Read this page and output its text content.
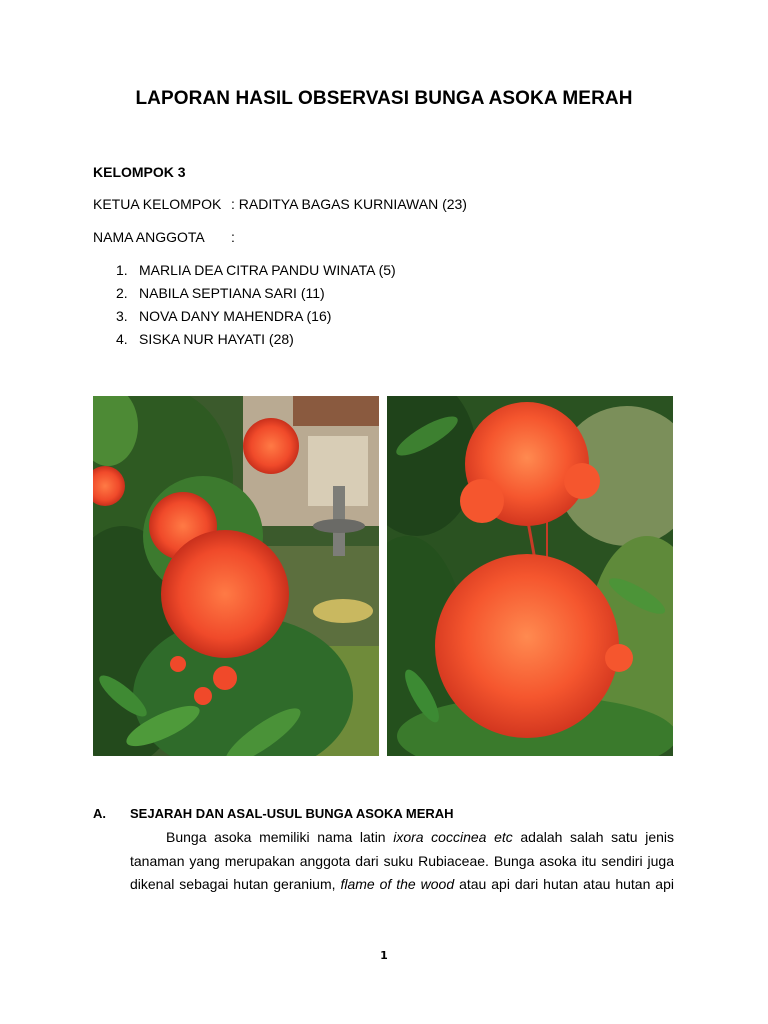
LAPORAN HASIL OBSERVASI BUNGA ASOKA MERAH
KELOMPOK 3
KETUA KELOMPOK : RADITYA BAGAS KURNIAWAN (23)
NAMA ANGGOTA	:
1. MARLIA DEA CITRA PANDU WINATA (5)
2. NABILA SEPTIANA SARI (11)
3. NOVA DANY MAHENDRA (16)
4. SISKA NUR HAYATI (28)
A.	SEJARAH DAN ASAL-USUL BUNGA ASOKA MERAH
Bunga asoka memiliki nama latin ixora coccinea etc adalah salah satu jenis
tanaman yang merupakan anggota dari suku Rubiaceae. Bunga asoka itu sendiri juga
dikenal sebagai hutan geranium, flame of the wood atau api dari hutan atau hutan api
1
